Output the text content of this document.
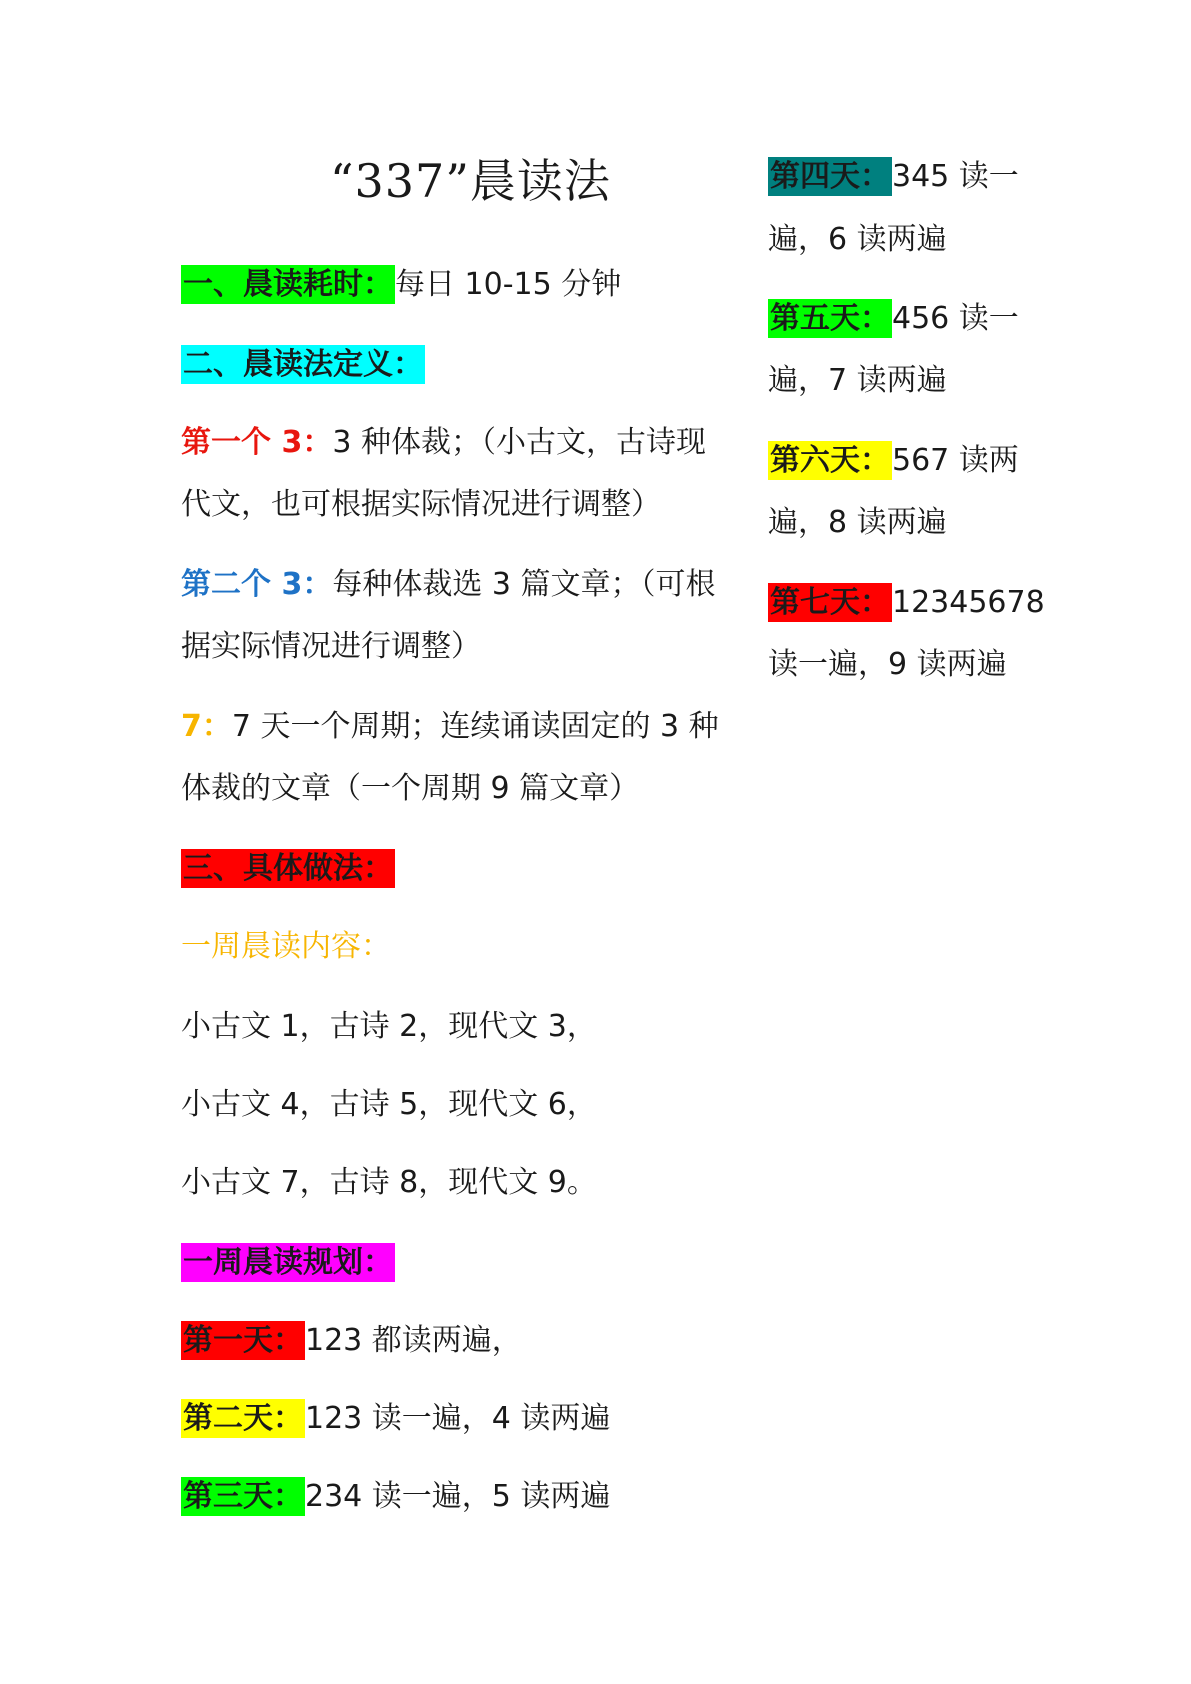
“337”晨读法
一、晨读耗时：每日 10-15 分钟
二、晨读法定义：
第一个 3：3 种体裁；（小古文，古诗现
代文，也可根据实际情况进行调整）
第二个 3：每种体裁选 3 篇文章；（可根
据实际情况进行调整）
7：7 天一个周期；连续诵读固定的 3 种
体裁的文章（一个周期 9 篇文章）
三、具体做法：
一周晨读内容：
小古文 1，古诗 2，现代文 3，
小古文 4，古诗 5，现代文 6，
小古文 7，古诗 8，现代文 9。
一周晨读规划：
第一天：123 都读两遍，
第二天：123 读一遍，4 读两遍
第三天：234 读一遍，5 读两遍
第四天：345 读一
遍，6 读两遍
第五天：456 读一
遍，7 读两遍
第六天：567 读两
遍，8 读两遍
第七天：12345678
读一遍，9 读两遍
